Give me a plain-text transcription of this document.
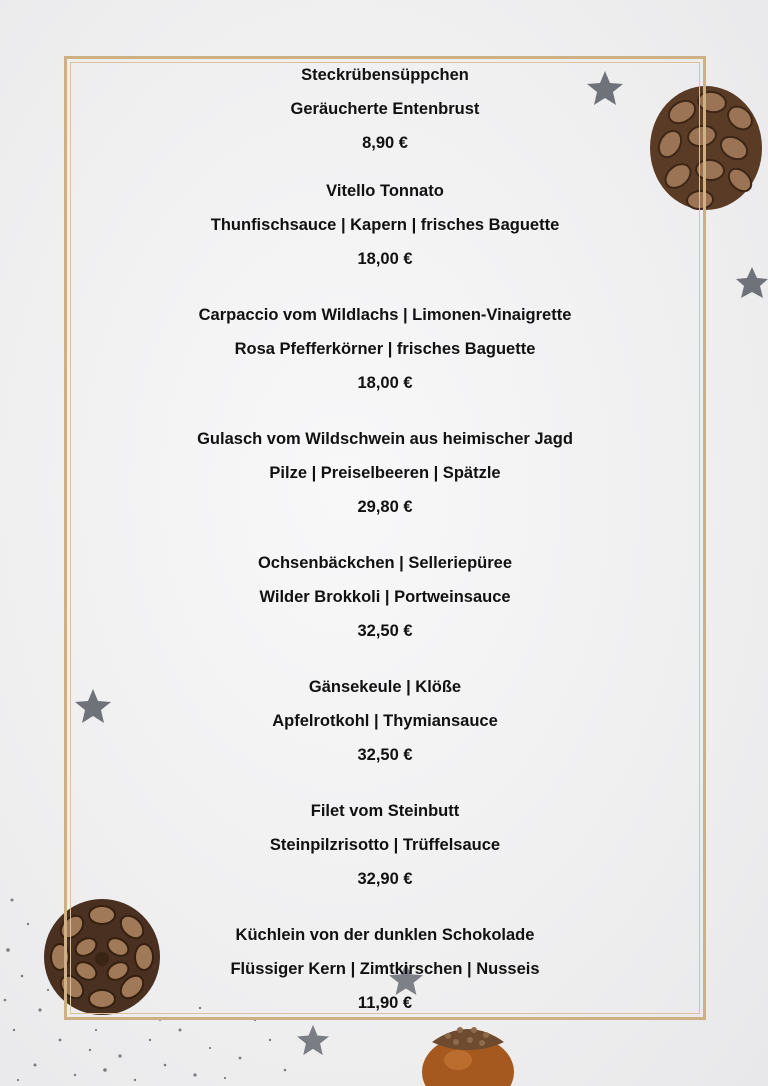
Steckrübensüppchen
Geräucherte Entenbrust
8,90 €
Vitello Tonnato
Thunfischsauce | Kapern | frisches Baguette
18,00 €
Carpaccio vom Wildlachs | Limonen-Vinaigrette
Rosa Pfefferkörner | frisches Baguette
18,00 €
Gulasch vom Wildschwein aus heimischer Jagd
Pilze | Preiselbeeren | Spätzle
29,80 €
Ochsenbäckchen | Selleriepüree
Wilder Brokkoli | Portweinsauce
32,50 €
Gänsekeule | Klöße
Apfelrotkohl | Thymiansauce
32,50 €
Filet vom Steinbutt
Steinpilzrisotto | Trüffelsauce
32,90 €
Küchlein von der dunklen Schokolade
Flüssiger Kern | Zimtkirschen | Nusseis
11,90 €
